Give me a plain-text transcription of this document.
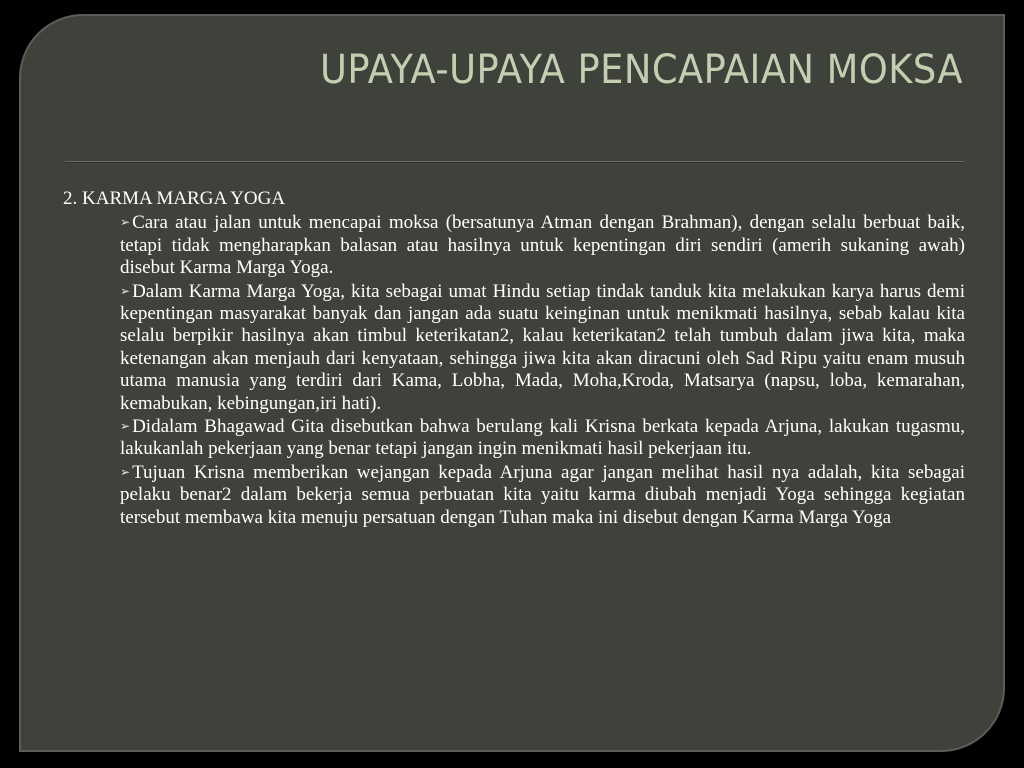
UPAYA-UPAYA PENCAPAIAN MOKSA
2. KARMA MARGA YOGA
➢ Cara atau jalan untuk mencapai moksa (bersatunya Atman dengan Brahman), dengan selalu berbuat baik, tetapi tidak mengharapkan balasan atau hasilnya untuk kepentingan diri sendiri (amerih sukaning awah) disebut Karma Marga Yoga.
➢ Dalam Karma Marga Yoga, kita sebagai umat Hindu setiap tindak tanduk kita melakukan karya harus demi kepentingan masyarakat banyak dan jangan ada suatu keinginan untuk menikmati hasilnya, sebab kalau kita selalu berpikir hasilnya akan timbul keterikatan2, kalau keterikatan2 telah tumbuh dalam jiwa kita, maka ketenangan akan menjauh dari kenyataan, sehingga jiwa kita akan diracuni oleh Sad Ripu yaitu enam musuh utama manusia yang terdiri dari Kama, Lobha, Mada, Moha,Kroda, Matsarya (napsu, loba, kemarahan, kemabukan, kebingungan,iri hati).
➢ Didalam Bhagawad Gita disebutkan bahwa berulang kali Krisna berkata kepada Arjuna, lakukan tugasmu, lakukanlah pekerjaan yang benar tetapi jangan ingin menikmati hasil pekerjaan itu.
➢ Tujuan Krisna memberikan wejangan kepada Arjuna agar jangan melihat hasil nya adalah, kita sebagai pelaku benar2 dalam bekerja semua perbuatan kita yaitu karma diubah menjadi Yoga sehingga kegiatan tersebut membawa kita menuju persatuan dengan Tuhan maka ini disebut dengan Karma Marga Yoga
